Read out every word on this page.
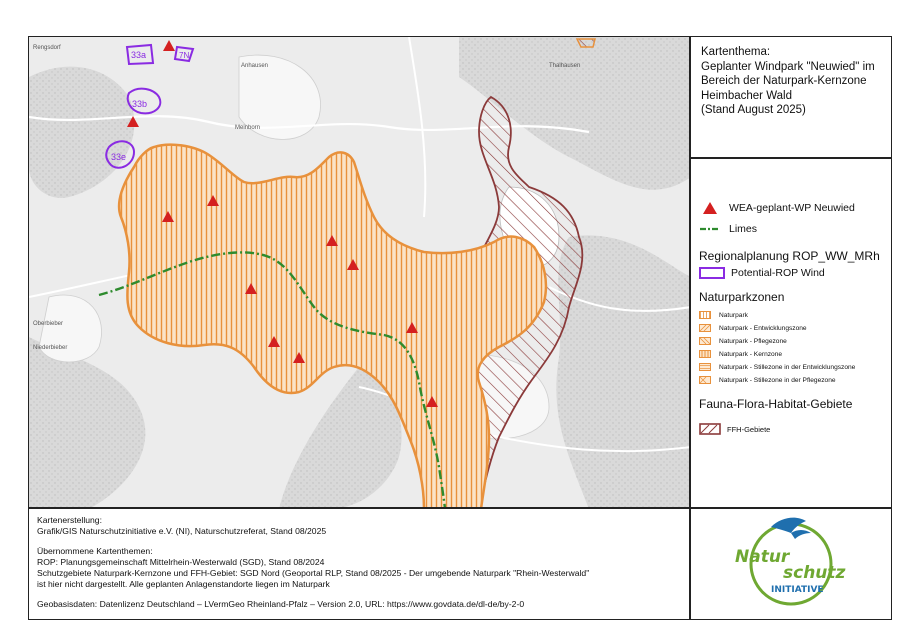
33a
33b
33e
7N
Rengsdorf
Anhausen
Meinborn
Thalhausen
Oberbieber
Niederbieber
Kartenthema:
Geplanter Windpark "Neuwied" im
Bereich der Naturpark-Kernzone
Heimbacher Wald
(Stand August 2025)
WEA-geplant-WP Neuwied
Limes
Regionalplanung ROP_WW_MRh
Potential-ROP Wind
Naturparkzonen
Naturpark
Naturpark - Entwicklungszone
Naturpark - Pflegezone
Naturpark - Kernzone
Naturpark - Stillezone in der Entwicklungszone
Naturpark - Stillezone in der Pflegezone
Fauna-Flora-Habitat-Gebiete
FFH-Gebiete
Kartenerstellung:
Grafik/GIS Naturschutzinitiative e.V. (NI), Naturschutzreferat, Stand 08/2025
Übernommene Kartenthemen:
ROP: Planungsgemeinschaft Mittelrhein-Westerwald (SGD), Stand 08/2024
Schutzgebiete Naturpark-Kernzone und FFH-Gebiet: SGD Nord (Geoportal RLP, Stand 08/2025 - Der umgebende Naturpark "Rhein-Westerwald"
ist hier nicht dargestellt. Alle geplanten Anlagenstandorte liegen im Naturpark
Geobasisdaten: Datenlizenz Deutschland – LVermGeo Rheinland-Pfalz – Version 2.0, URL: https://www.govdata.de/dl-de/by-2-0
Natur
schutz
INITIATIVE
